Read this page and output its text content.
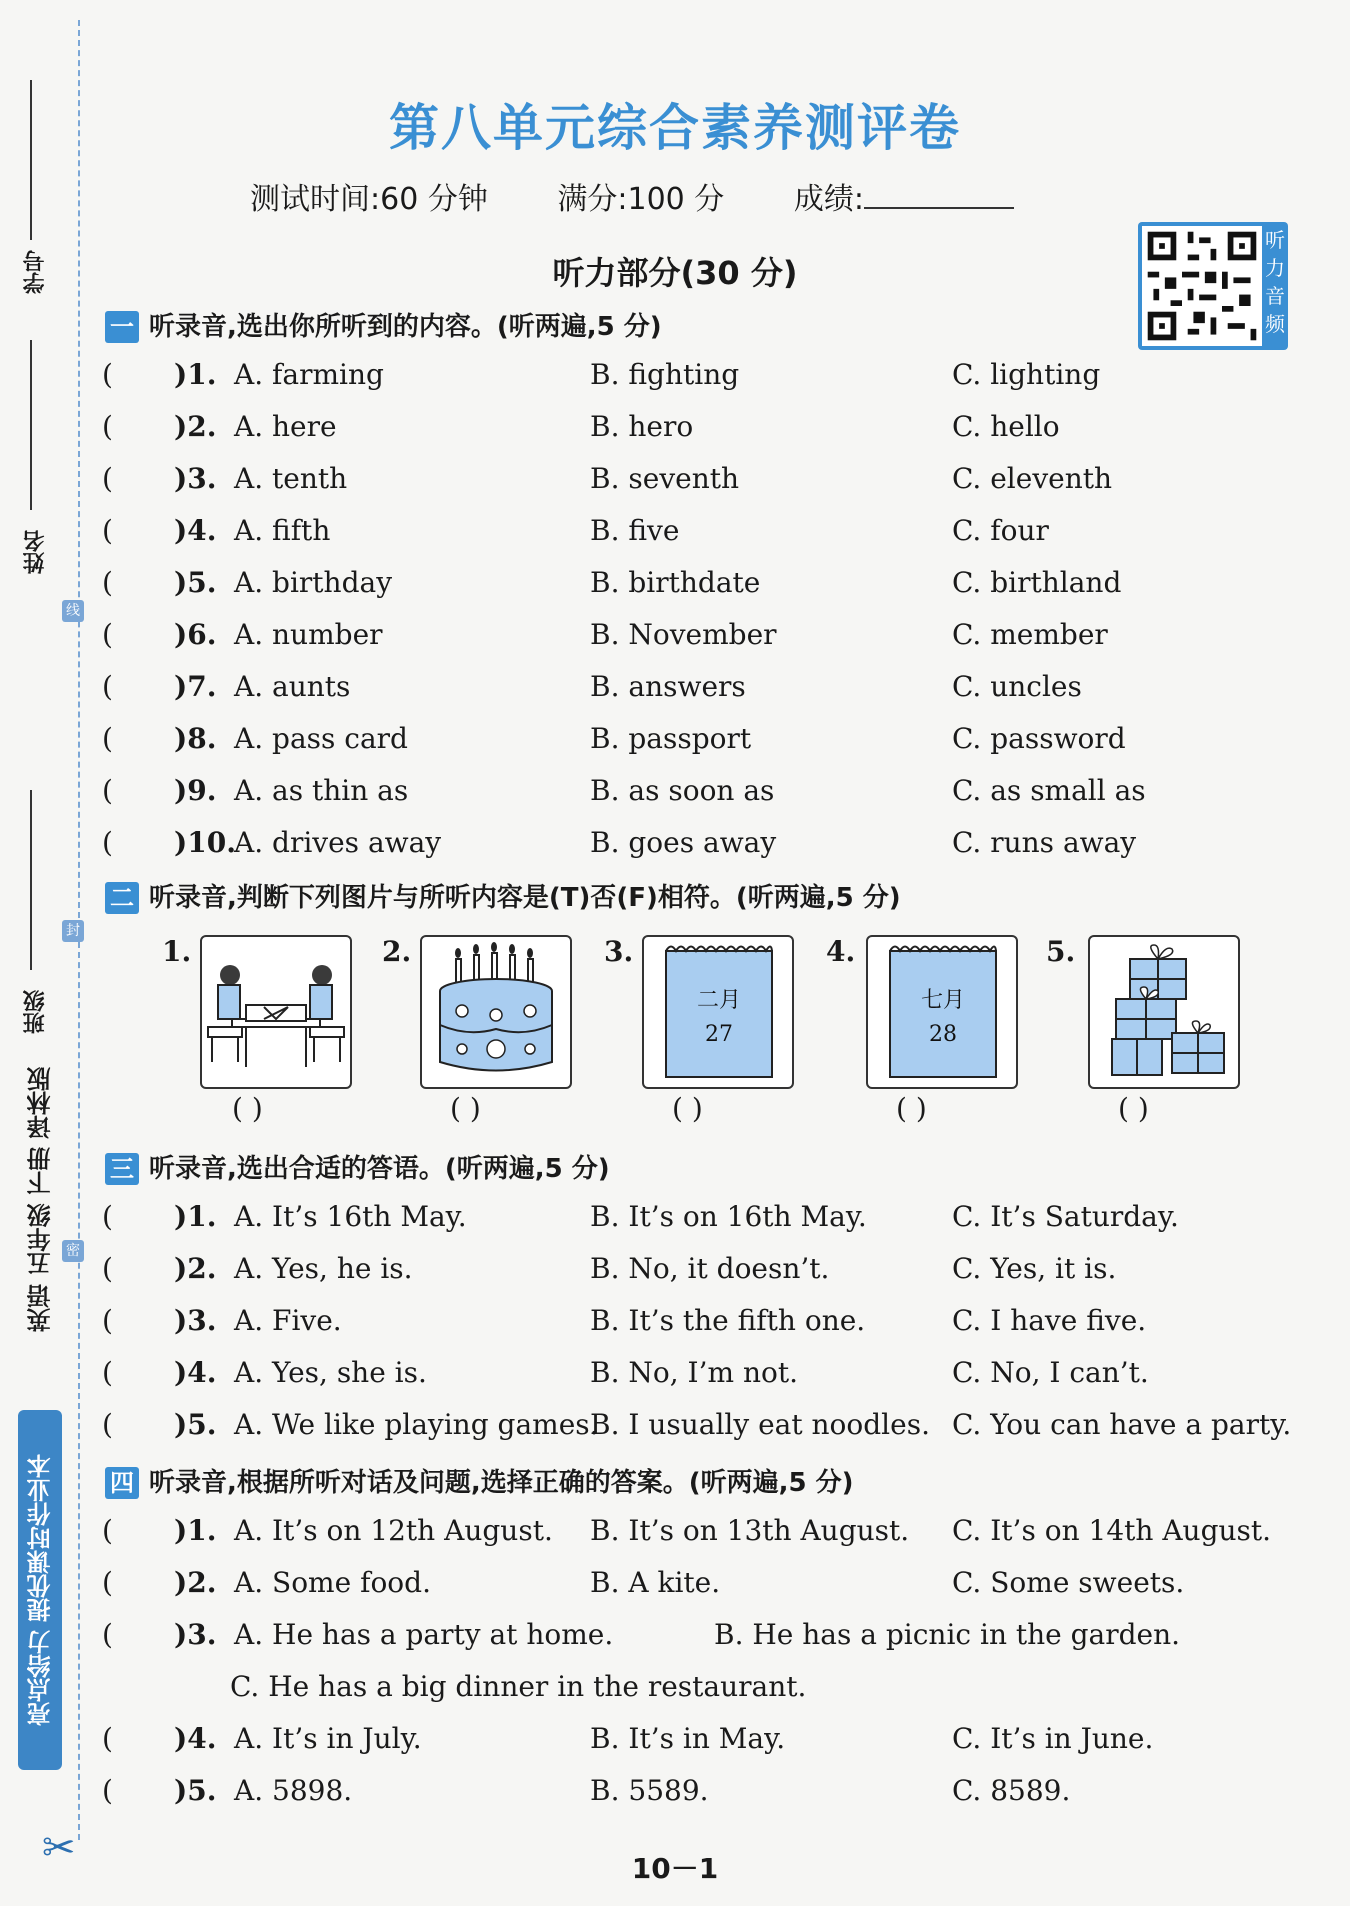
学号
姓名
班级
线
封
密
英语 五年级 下册 译林版
亮点给力 提优课时作业本
✂
第八单元综合素养测评卷
测试时间:60 分钟 满分:100 分 成绩:
听
力
音
频
听力部分(30 分)
一 听录音,选出你所听到的内容。(听两遍,5 分)
( )1. A. farming	B. fighting	C. lighting
( )2. A. here	B. hero	C. hello
( )3. A. tenth	B. seventh	C. eleventh
( )4. A. fifth	B. five	C. four
( )5. A. birthday	B. birthdate	C. birthland
( )6. A. number	B. November	C. member
( )7. A. aunts	B. answers	C. uncles
( )8. A. pass card	B. passport	C. password
( )9. A. as thin as	B. as soon as	C. as small as
( )10.
A. drives away	B. goes away	C. runs away
二 听录音,判断下列图片与所听内容是(T)否(F)相符。(听两遍,5 分)
1.	2.	3.
二月
27
4.
七月
28
5.
( )	( )	( )	( )	( )
三 听录音,选出合适的答语。(听两遍,5 分)
( )1. A. It’s 16th May.	B. It’s on 16th May.	C. It’s Saturday.
( )2. A. Yes, he is.	B. No, it doesn’t.	C. Yes, it is.
( )3. A. Five.	B. It’s the fifth one.	C. I have five.
( )4. A. Yes, she is.	B. No, I’m not.	C. No, I can’t.
( )5. A. We like playing games.
B. I usually eat noodles. C. You can have a party.
四 听录音,根据所听对话及问题,选择正确的答案。(听两遍,5 分)
( )1. A. It’s on 12th August. B. It’s on 13th August. C. It’s on 14th August.
( )2. A. Some food.	B. A kite.	C. Some sweets.
( )3. A. He has a party at home.	B. He has a picnic in the garden.
C. He has a big dinner in the restaurant.
( )4. A. It’s in July.	B. It’s in May.	C. It’s in June.
( )5. A. 5898.	B. 5589.	C. 8589.
10－1
